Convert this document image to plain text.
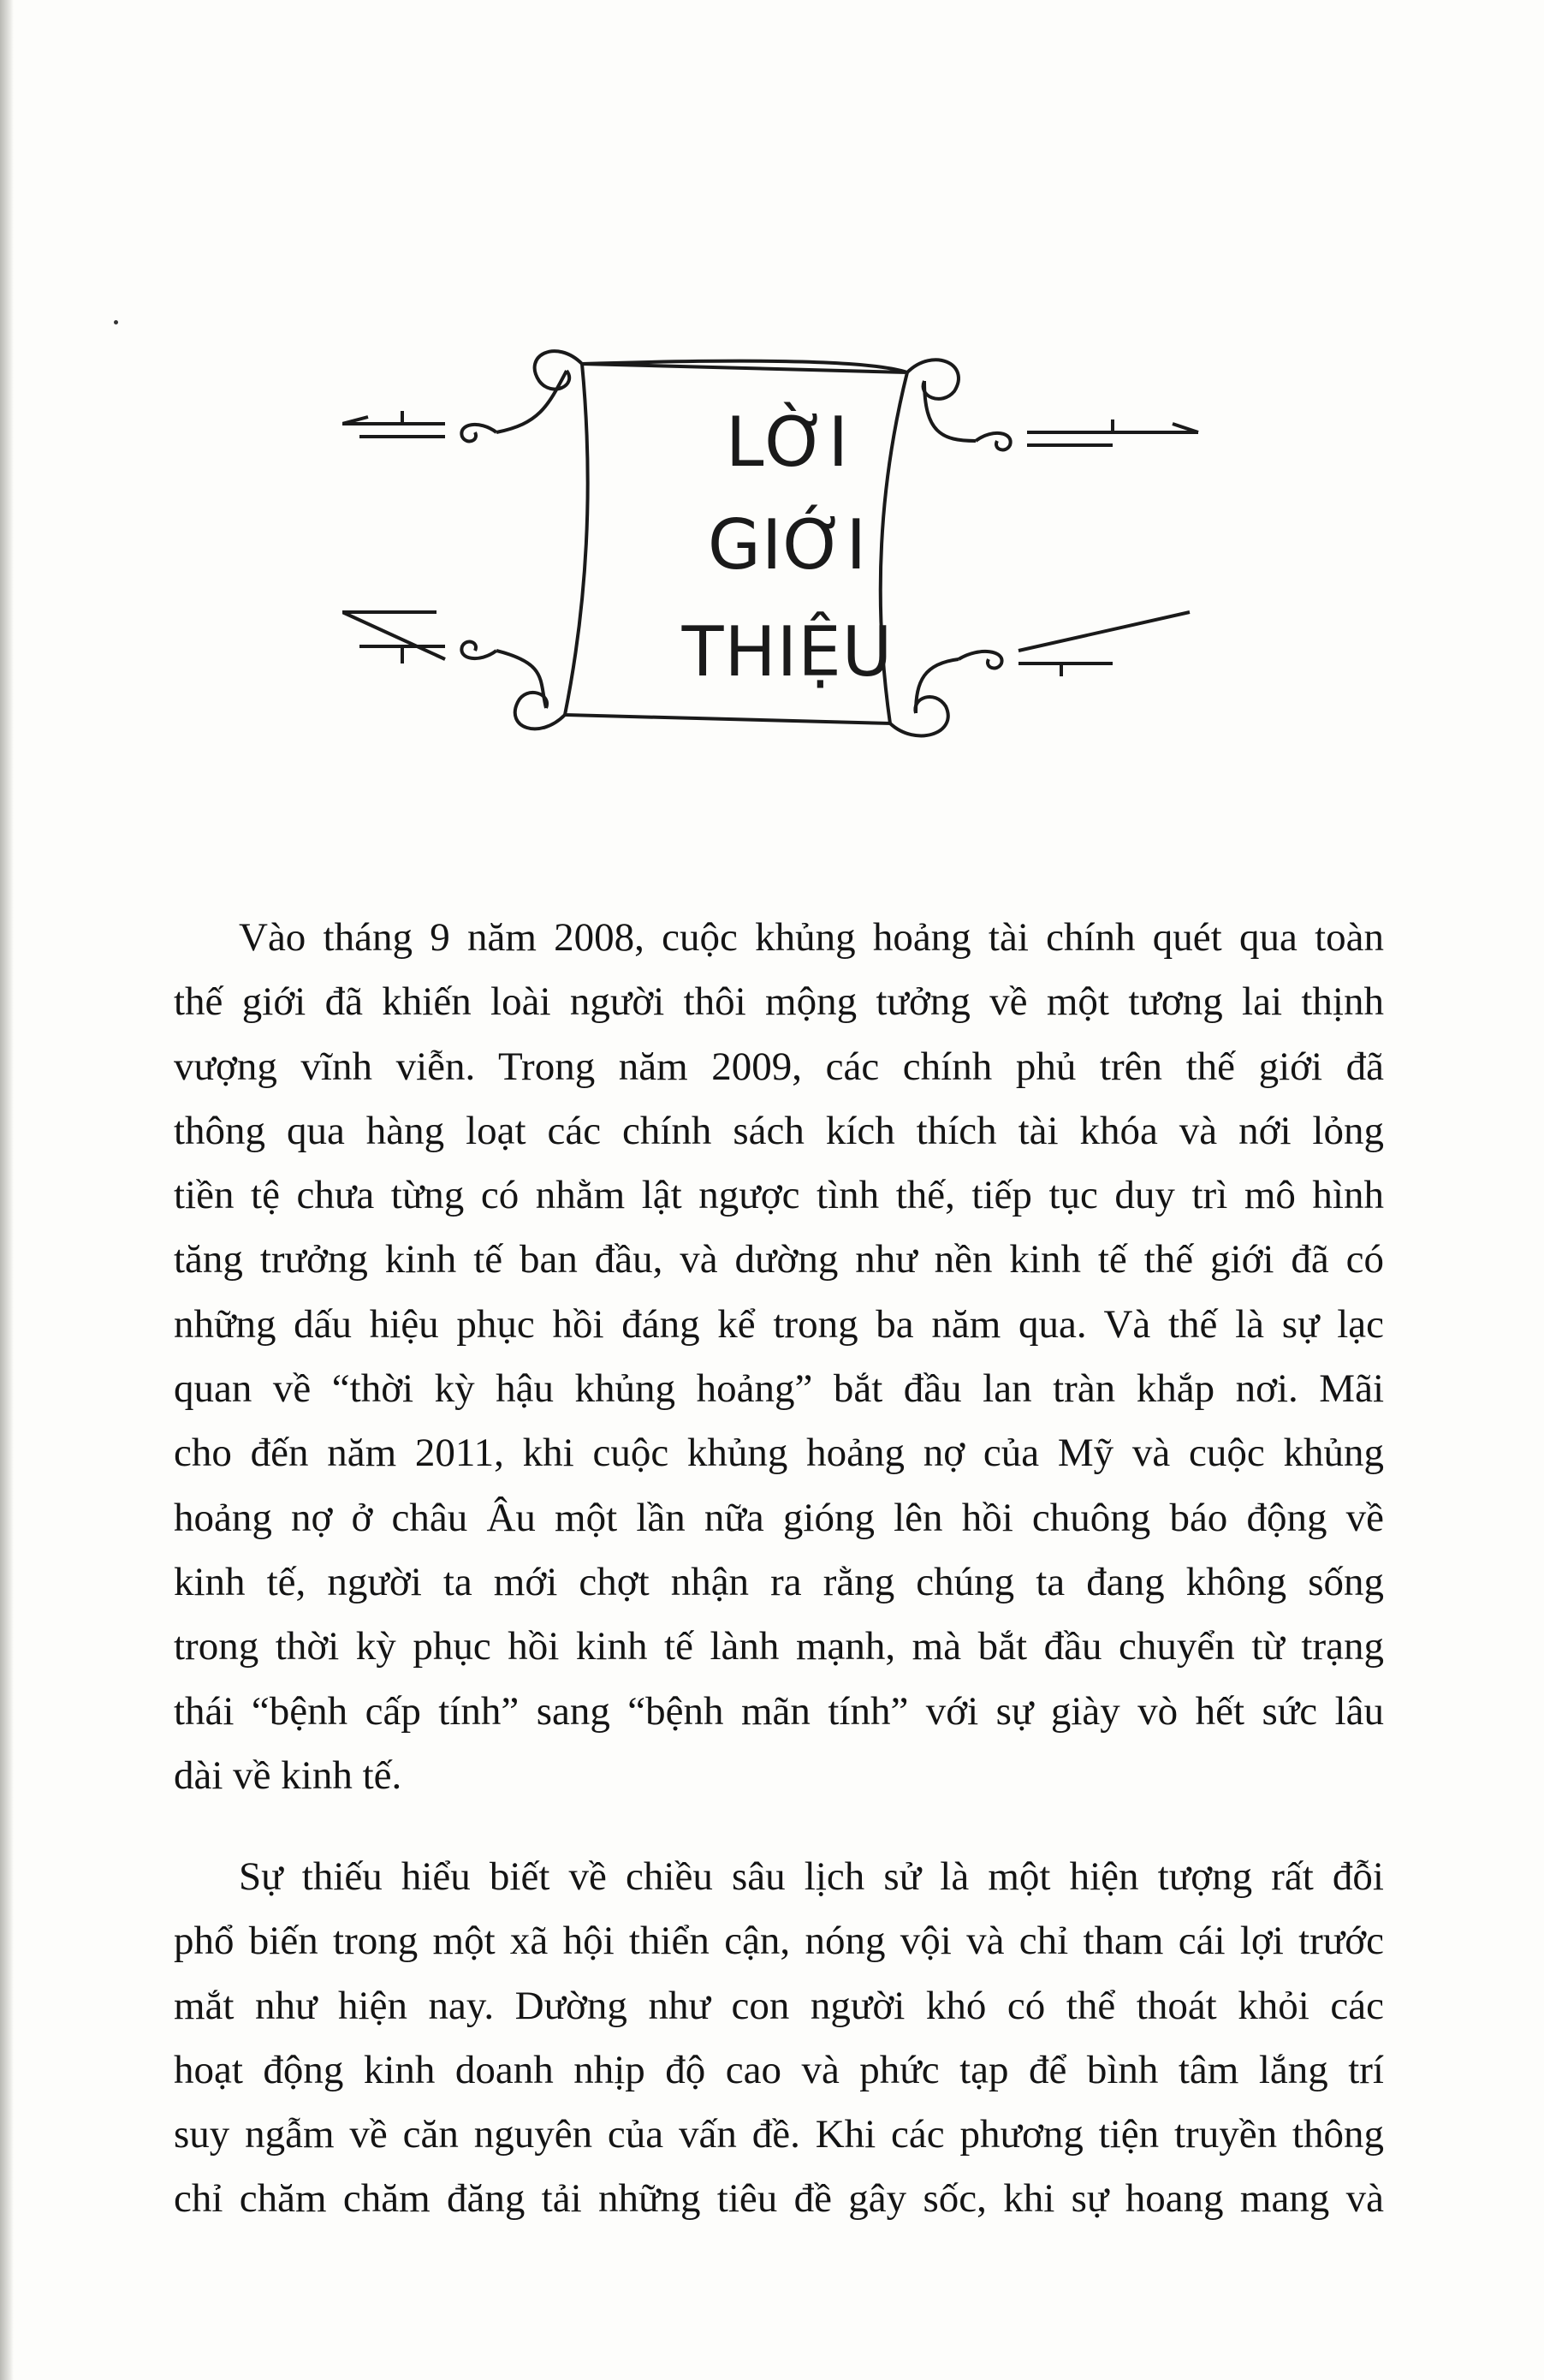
LỜI
GIỚI
THIỆU
Vào tháng 9 năm 2008, cuộc khủng hoảng tài chính quét qua toàn
thế giới đã khiến loài người thôi mộng tưởng về một tương lai thịnh
vượng vĩnh viễn. Trong năm 2009, các chính phủ trên thế giới đã
thông qua hàng loạt các chính sách kích thích tài khóa và nới lỏng
tiền tệ chưa từng có nhằm lật ngược tình thế, tiếp tục duy trì mô hình
tăng trưởng kinh tế ban đầu, và dường như nền kinh tế thế giới đã có
những dấu hiệu phục hồi đáng kể trong ba năm qua. Và thế là sự lạc
quan về “thời kỳ hậu khủng hoảng” bắt đầu lan tràn khắp nơi. Mãi
cho đến năm 2011, khi cuộc khủng hoảng nợ của Mỹ và cuộc khủng
hoảng nợ ở châu Âu một lần nữa gióng lên hồi chuông báo động về
kinh tế, người ta mới chợt nhận ra rằng chúng ta đang không sống
trong thời kỳ phục hồi kinh tế lành mạnh, mà bắt đầu chuyển từ trạng
thái “bệnh cấp tính” sang “bệnh mãn tính” với sự giày vò hết sức lâu
dài về kinh tế.
Sự thiếu hiểu biết về chiều sâu lịch sử là một hiện tượng rất đỗi
phổ biến trong một xã hội thiển cận, nóng vội và chỉ tham cái lợi trước
mắt như hiện nay. Dường như con người khó có thể thoát khỏi các
hoạt động kinh doanh nhịp độ cao và phức tạp để bình tâm lắng trí
suy ngẫm về căn nguyên của vấn đề. Khi các phương tiện truyền thông
chỉ chăm chăm đăng tải những tiêu đề gây sốc, khi sự hoang mang và
